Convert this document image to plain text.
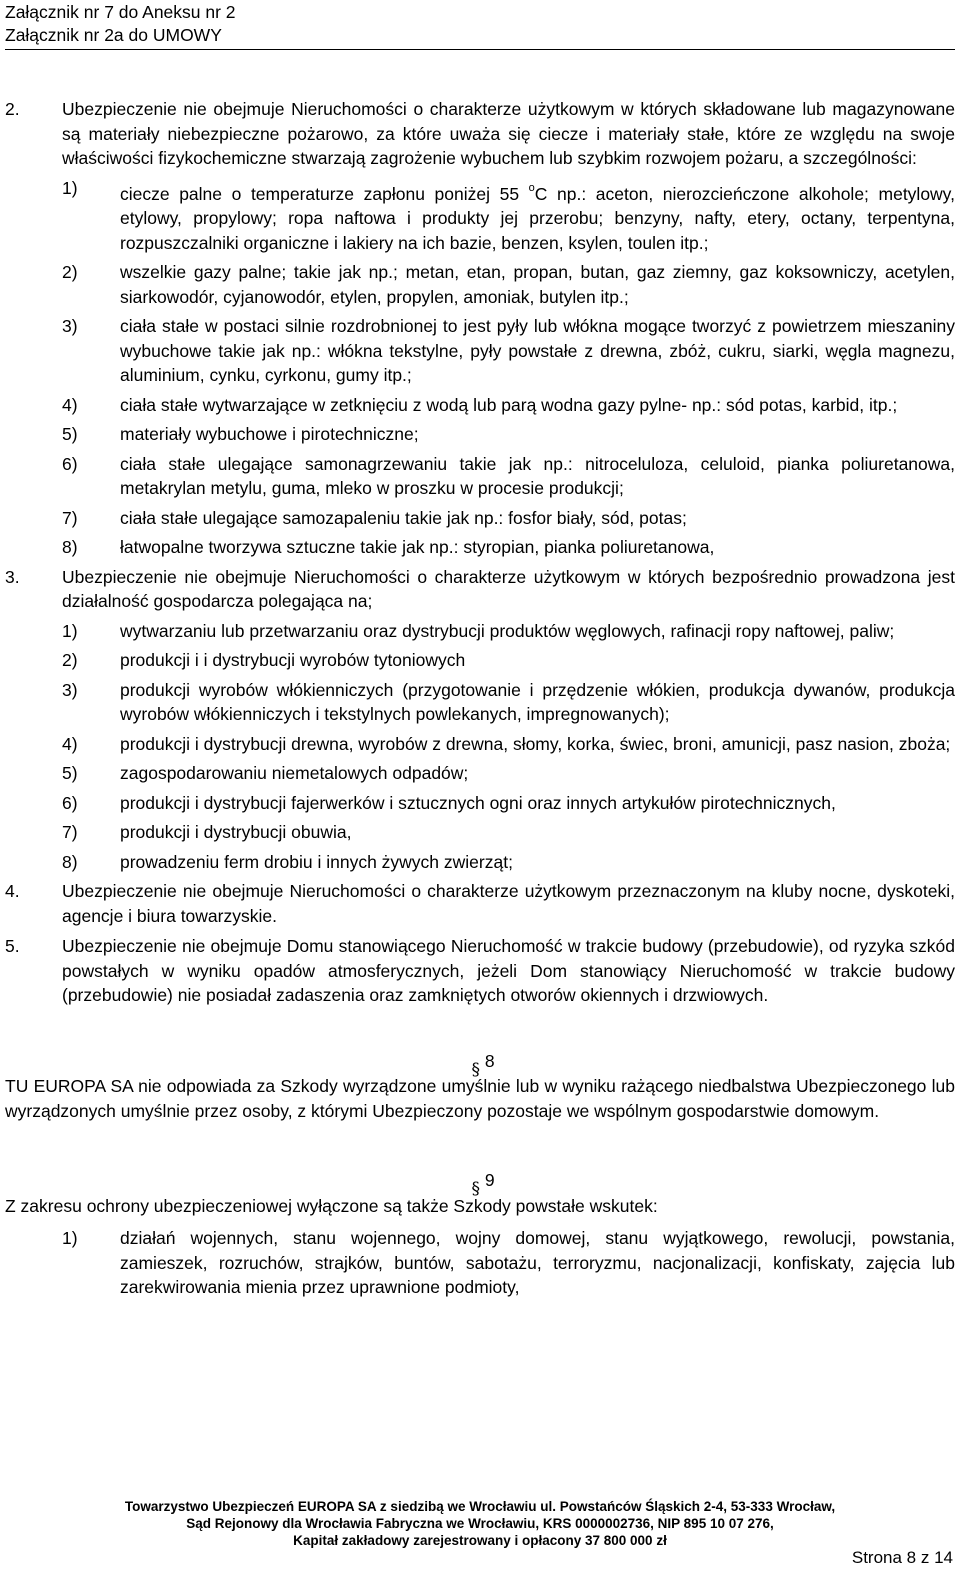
Załącznik nr 7 do Aneksu nr 2
Załącznik nr 2a do UMOWY
2. Ubezpieczenie nie obejmuje Nieruchomości o charakterze użytkowym w których składowane lub magazynowane są materiały niebezpieczne pożarowo, za które uważa się ciecze i materiały stałe, które ze względu na swoje właściwości fizykochemiczne stwarzają zagrożenie wybuchem lub szybkim rozwojem pożaru, a szczególności:
1) ciecze palne o temperaturze zapłonu poniżej 55 $^o$C np.: aceton, nierozcieńczone alkohole; metylowy, etylowy, propylowy; ropa naftowa i produkty jej przerobu; benzyny, nafty, etery, octany, terpentyna, rozpuszczalniki organiczne i lakiery na ich bazie, benzen, ksylen, toulen itp.;
2) wszelkie gazy palne; takie jak np.; metan, etan, propan, butan, gaz ziemny, gaz koksowniczy, acetylen, siarkowodór, cyjanowodór, etylen, propylen, amoniak, butylen itp.;
3) ciała stałe w postaci silnie rozdrobnionej to jest pyły lub włókna mogące tworzyć z powietrzem mieszaniny wybuchowe takie jak np.: włókna tekstylne, pyły powstałe z drewna, zbóż, cukru, siarki, węgla magnezu, aluminium, cynku, cyrkonu, gumy itp.;
4) ciała stałe wytwarzające w zetknięciu z wodą lub parą wodna gazy pylne- np.: sód potas, karbid, itp.;
5) materiały wybuchowe i pirotechniczne;
6) ciała stałe ulegające samonagrzewaniu takie jak np.: nitroceluloza, celuloid, pianka poliuretanowa, metakrylan metylu, guma, mleko w proszku w procesie produkcji;
7) ciała stałe ulegające samozapaleniu takie jak np.: fosfor biały, sód, potas;
8) łatwopalne tworzywa sztuczne takie jak np.: styropian, pianka poliuretanowa,
3. Ubezpieczenie nie obejmuje Nieruchomości o charakterze użytkowym w których bezpośrednio prowadzona jest działalność gospodarcza polegająca na;
1) wytwarzaniu lub przetwarzaniu oraz dystrybucji produktów węglowych, rafinacji ropy naftowej, paliw;
2) produkcji i i dystrybucji wyrobów tytoniowych
3) produkcji wyrobów włókienniczych (przygotowanie i przędzenie włókien, produkcja dywanów, produkcja wyrobów włókienniczych i tekstylnych powlekanych, impregnowanych);
4) produkcji i dystrybucji drewna, wyrobów z drewna, słomy, korka, świec, broni, amunicji, pasz nasion, zboża;
5) zagospodarowaniu niemetalowych odpadów;
6) produkcji i dystrybucji fajerwerków i sztucznych ogni oraz innych artykułów pirotechnicznych,
7) produkcji i dystrybucji obuwia,
8) prowadzeniu ferm drobiu i innych żywych zwierząt;
4. Ubezpieczenie nie obejmuje Nieruchomości o charakterze użytkowym przeznaczonym na kluby nocne, dyskoteki, agencje i biura towarzyskie.
5. Ubezpieczenie nie obejmuje Domu stanowiącego Nieruchomość w trakcie budowy (przebudowie), od ryzyka szkód powstałych w wyniku opadów atmosferycznych, jeżeli Dom stanowiący Nieruchomość w trakcie budowy (przebudowie) nie posiadał zadaszenia oraz zamkniętych otworów okiennych i drzwiowych.
§ 8
TU EUROPA SA nie odpowiada za Szkody wyrządzone umyślnie lub w wyniku rażącego niedbalstwa Ubezpieczonego lub wyrządzonych umyślnie przez osoby, z którymi Ubezpieczony pozostaje we wspólnym gospodarstwie domowym.
§ 9
Z zakresu ochrony ubezpieczeniowej wyłączone są także Szkody powstałe wskutek:
1) działań wojennych, stanu wojennego, wojny domowej, stanu wyjątkowego, rewolucji, powstania, zamieszek, rozruchów, strajków, buntów, sabotażu, terroryzmu, nacjonalizacji, konfiskaty, zajęcia lub zarekwirowania mienia przez uprawnione podmioty,
Towarzystwo Ubezpieczeń EUROPA SA z siedzibą we Wrocławiu ul. Powstańców Śląskich 2-4, 53-333 Wrocław,
Sąd Rejonowy dla Wrocławia Fabryczna we Wrocławiu, KRS 0000002736, NIP 895 10 07 276,
Kapitał zakładowy zarejestrowany i opłacony 37 800 000 zł
Strona 8 z 14
